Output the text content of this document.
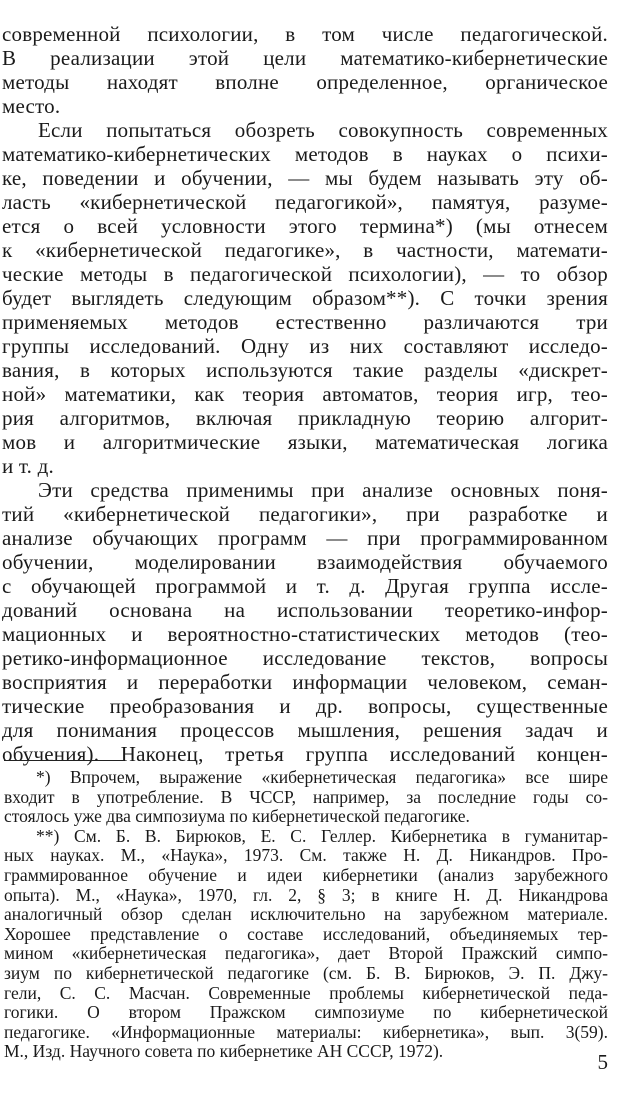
современной психологии, в том числе педагогической.
В реализации этой цели математико-кибернетические
методы находят вполне определенное, органическое
место.
Если попытаться обозреть совокупность современных
математико-кибернетических методов в науках о психи-
ке, поведении и обучении, — мы будем называть эту об-
ласть «кибернетической педагогикой», памятуя, разуме-
ется о всей условности этого термина*) (мы отнесем
к «кибернетической педагогике», в частности, математи-
ческие методы в педагогической психологии), — то обзор
будет выглядеть следующим образом**). С точки зрения
применяемых методов естественно различаются три
группы исследований. Одну из них составляют исследо-
вания, в которых используются такие разделы «дискрет-
ной» математики, как теория автоматов, теория игр, тео-
рия алгоритмов, включая прикладную теорию алгорит-
мов и алгоритмические языки, математическая логика
и т. д.
Эти средства применимы при анализе основных поня-
тий «кибернетической педагогики», при разработке и
анализе обучающих программ — при программированном
обучении, моделировании взаимодействия обучаемого
с обучающей программой и т. д. Другая группа иссле-
дований основана на использовании теоретико-инфор-
мационных и вероятностно-статистических методов (тео-
ретико-информационное исследование текстов, вопросы
восприятия и переработки информации человеком, семан-
тические преобразования и др. вопросы, существенные
для понимания процессов мышления, решения задач и
обучения). Наконец, третья группа исследований концен-
*) Впрочем, выражение «кибернетическая педагогика» все шире
входит в употребление. В ЧССР, например, за последние годы со-
стоялось уже два симпозиума по кибернетической педагогике.
**) См. Б. В. Бирюков, Е. С. Геллер. Кибернетика в гуманитар-
ных науках. М., «Наука», 1973. См. также Н. Д. Никандров. Про-
граммированное обучение и идеи кибернетики (анализ зарубежного
опыта). М., «Наука», 1970, гл. 2, § 3; в книге Н. Д. Никандрова
аналогичный обзор сделан исключительно на зарубежном материале.
Хорошее представление о составе исследований, объединяемых тер-
мином «кибернетическая педагогика», дает Второй Пражский симпо-
зиум по кибернетической педагогике (см. Б. В. Бирюков, Э. П. Джу-
гели, С. С. Масчан. Современные проблемы кибернетической педа-
гогики. О втором Пражском симпозиуме по кибернетической
педагогике. «Информационные материалы: кибернетика», вып. 3(59).
М., Изд. Научного совета по кибернетике АН СССР, 1972).	5
